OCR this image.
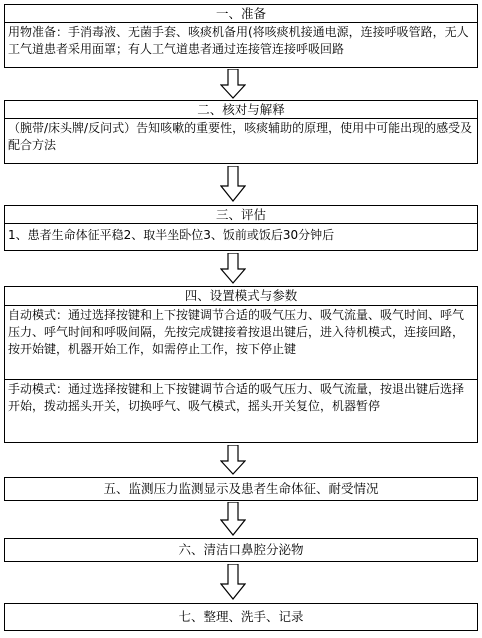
一、准备
用物准备：手消毒液、无菌手套、咳痰机备用(将咳痰机接通电源，连接呼吸管路，无人工气道患者采用面罩；有人工气道患者通过连接管连接呼吸回路
二、核对与解释
（腕带/床头牌/反问式）告知咳嗽的重要性，咳痰辅助的原理，使用中可能出现的感受及配合方法
三、评估
1、患者生命体征平稳2、取半坐卧位3、饭前或饭后30分钟后
四、设置模式与参数
自动模式：通过选择按键和上下按键调节合适的吸气压力、吸气流量、吸气时间、呼气压力、呼气时间和呼吸间隔，先按完成键接着按退出键后，进入待机模式，连接回路，按开始键，机器开始工作，如需停止工作，按下停止键
手动模式：通过选择按键和上下按键调节合适的吸气压力、吸气流量，按退出键后选择开始，拨动摇头开关，切换呼气、吸气模式，摇头开关复位，机器暂停
五、监测压力监测显示及患者生命体征、耐受情况
六、清洁口鼻腔分泌物
七、整理、洗手、记录
